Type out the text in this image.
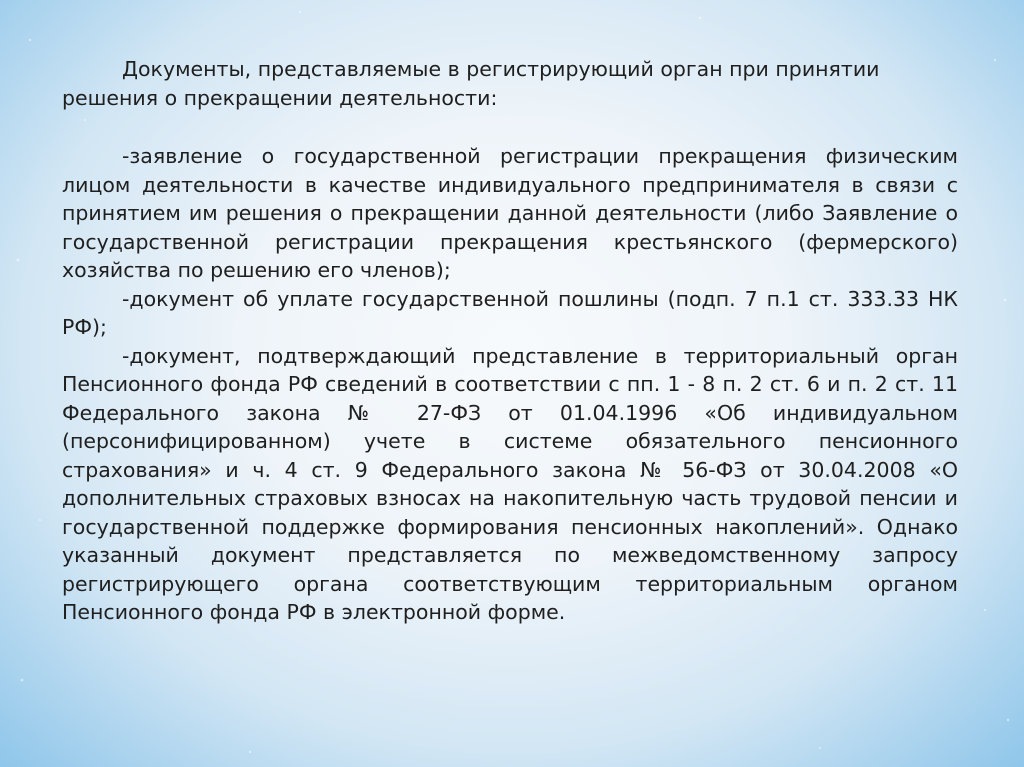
Документы, представляемые в регистрирующий орган при принятии решения о прекращении деятельности:

-заявление о государственной регистрации прекращения физическим лицом деятельности в качестве индивидуального предпринимателя в связи с принятием им решения о прекращении данной деятельности (либо Заявление о государственной регистрации прекращения крестьянского (фермерского) хозяйства по решению его членов);

-документ об уплате государственной пошлины (подп. 7 п.1 ст. 333.33 НК РФ);

-документ, подтверждающий представление в территориальный орган Пенсионного фонда РФ сведений в соответствии с пп. 1 - 8 п. 2 ст. 6 и п. 2 ст. 11 Федерального закона № 27-ФЗ от 01.04.1996 «Об индивидуальном (персонифицированном) учете в системе обязательного пенсионного страхования» и ч. 4 ст. 9 Федерального закона № 56-ФЗ от 30.04.2008 «О дополнительных страховых взносах на накопительную часть трудовой пенсии и государственной поддержке формирования пенсионных накоплений». Однако указанный документ представляется по межведомственному запросу регистрирующего органа соответствующим территориальным органом Пенсионного фонда РФ в электронной форме.
